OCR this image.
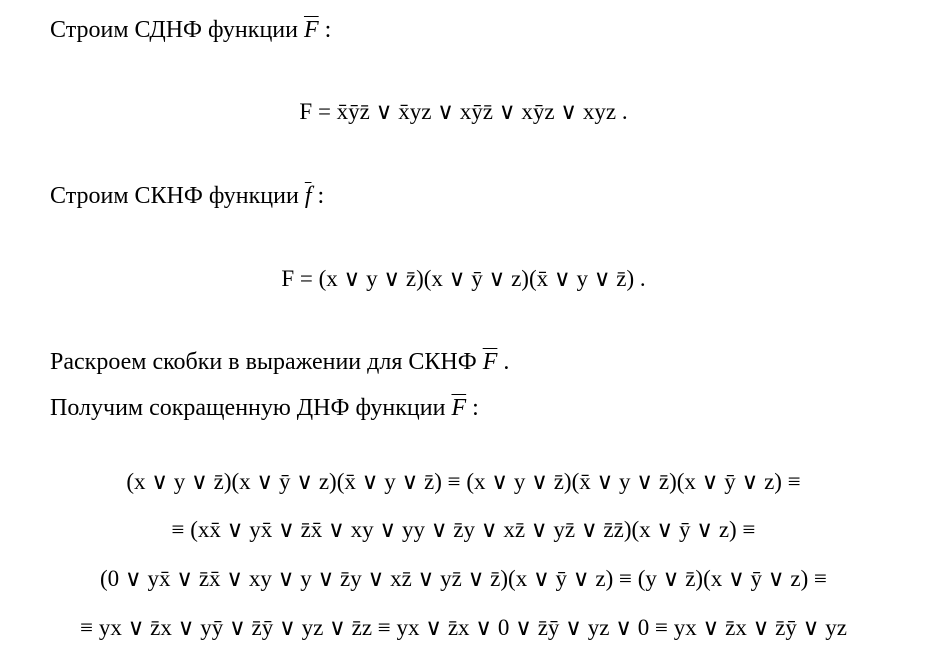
Строим СДНФ функции $\overline{F}$ :
F = x̄ȳz̄ ∨ x̄yz ∨ xȳz̄ ∨ xȳz ∨ xyz .
Строим СКНФ функции $\overline{f}$ :
F = (x ∨ y ∨ z̄)(x ∨ ȳ ∨ z)(x̄ ∨ y ∨ z̄) .
Раскроем скобки в выражении для СКНФ $\overline{F}$ .
Получим сокращенную ДНФ функции $\overline{F}$ :
(x ∨ y ∨ z̄)(x ∨ ȳ ∨ z)(x̄ ∨ y ∨ z̄) ≡ (x ∨ y ∨ z̄)(x̄ ∨ y ∨ z̄)(x ∨ ȳ ∨ z) ≡
≡ (xx̄ ∨ yx̄ ∨ z̄x̄ ∨ xy ∨ yy ∨ z̄y ∨ xz̄ ∨ yz̄ ∨ z̄z̄)(x ∨ ȳ ∨ z) ≡
(0 ∨ yx̄ ∨ z̄x̄ ∨ xy ∨ y ∨ z̄y ∨ xz̄ ∨ yz̄ ∨ z̄)(x ∨ ȳ ∨ z) ≡ (y ∨ z̄)(x ∨ ȳ ∨ z) ≡
≡ yx ∨ z̄x ∨ yȳ ∨ z̄ȳ ∨ yz ∨ z̄z ≡ yx ∨ z̄x ∨ 0 ∨ z̄ȳ ∨ yz ∨ 0 ≡ yx ∨ z̄x ∨ z̄ȳ ∨ yz
